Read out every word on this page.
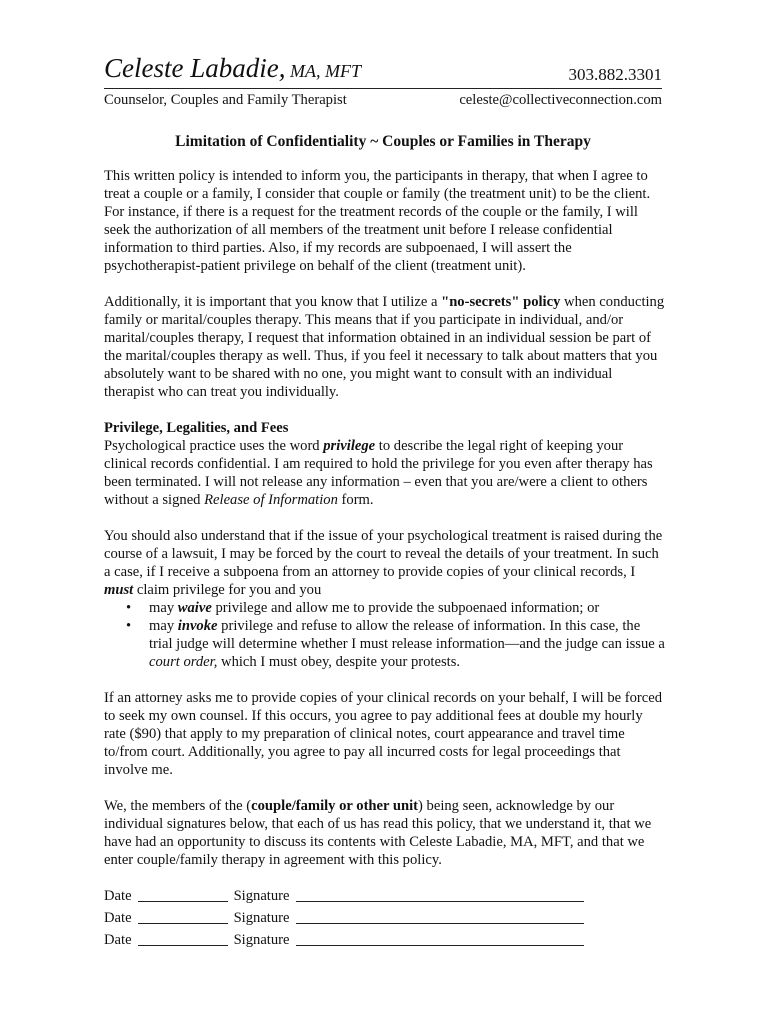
Celeste Labadie, MA, MFT	303.882.3301
Counselor, Couples and Family Therapist	celeste@collectiveconnection.com
Limitation of Confidentiality ~ Couples or Families in Therapy

This written policy is intended to inform you, the participants in therapy, that when I agree to treat a couple or a family, I consider that couple or family (the treatment unit) to be the client. For instance, if there is a request for the treatment records of the couple or the family, I will seek the authorization of all members of the treatment unit before I release confidential information to third parties. Also, if my records are subpoenaed, I will assert the psychotherapist-patient privilege on behalf of the client (treatment unit).

Additionally, it is important that you know that I utilize a "no-secrets" policy when conducting family or marital/couples therapy. This means that if you participate in individual, and/or marital/couples therapy, I request that information obtained in an individual session be part of the marital/couples therapy as well. Thus, if you feel it necessary to talk about matters that you absolutely want to be shared with no one, you might want to consult with an individual therapist who can treat you individually.

Privilege, Legalities, and Fees
Psychological practice uses the word privilege to describe the legal right of keeping your clinical records confidential. I am required to hold the privilege for you even after therapy has been terminated. I will not release any information – even that you are/were a client to others without a signed Release of Information form.

You should also understand that if the issue of your psychological treatment is raised during the course of a lawsuit, I may be forced by the court to reveal the details of your treatment. In such a case, if I receive a subpoena from an attorney to provide copies of your clinical records, I must claim privilege for you and you

• may waive privilege and allow me to provide the subpoenaed information; or
• may invoke privilege and refuse to allow the release of information. In this case, the trial judge will determine whether I must release information—and the judge can issue a court order, which I must obey, despite your protests.

If an attorney asks me to provide copies of your clinical records on your behalf, I will be forced to seek my own counsel. If this occurs, you agree to pay additional fees at double my hourly rate ($90) that apply to my preparation of clinical notes, court appearance and travel time to/from court. Additionally, you agree to pay all incurred costs for legal proceedings that involve me.

We, the members of the (couple/family or other unit) being seen, acknowledge by our individual signatures below, that each of us has read this policy, that we understand it, that we have had an opportunity to discuss its contents with Celeste Labadie, MA, MFT, and that we enter couple/family therapy in agreement with this policy.

Date	Signature
Date	Signature
Date	Signature
